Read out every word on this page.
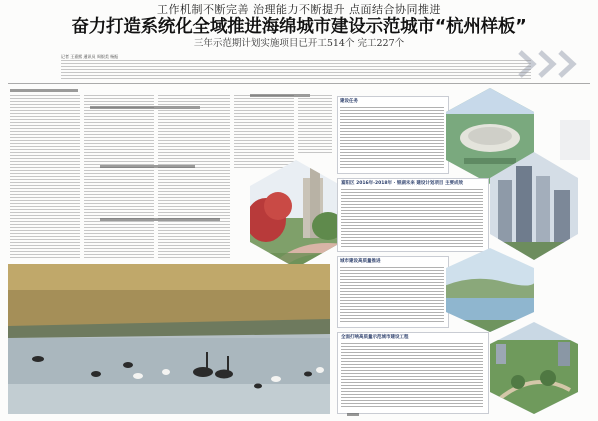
工作机制不断完善 治理能力不断提升 点面结合协同推进
奋力打造系统化全域推进海绵城市建设示范城市“杭州样板”
三年示范期计划实施项目已开工514个 完工227个
记者 王嘉熙 通讯员 周银美 杨振
建设任务
富阳区 2016年-2018年 · 银湖未来 建设计划项目 主要成效
城市建设高质量推进
全面打响高质量示范城市建设工程
